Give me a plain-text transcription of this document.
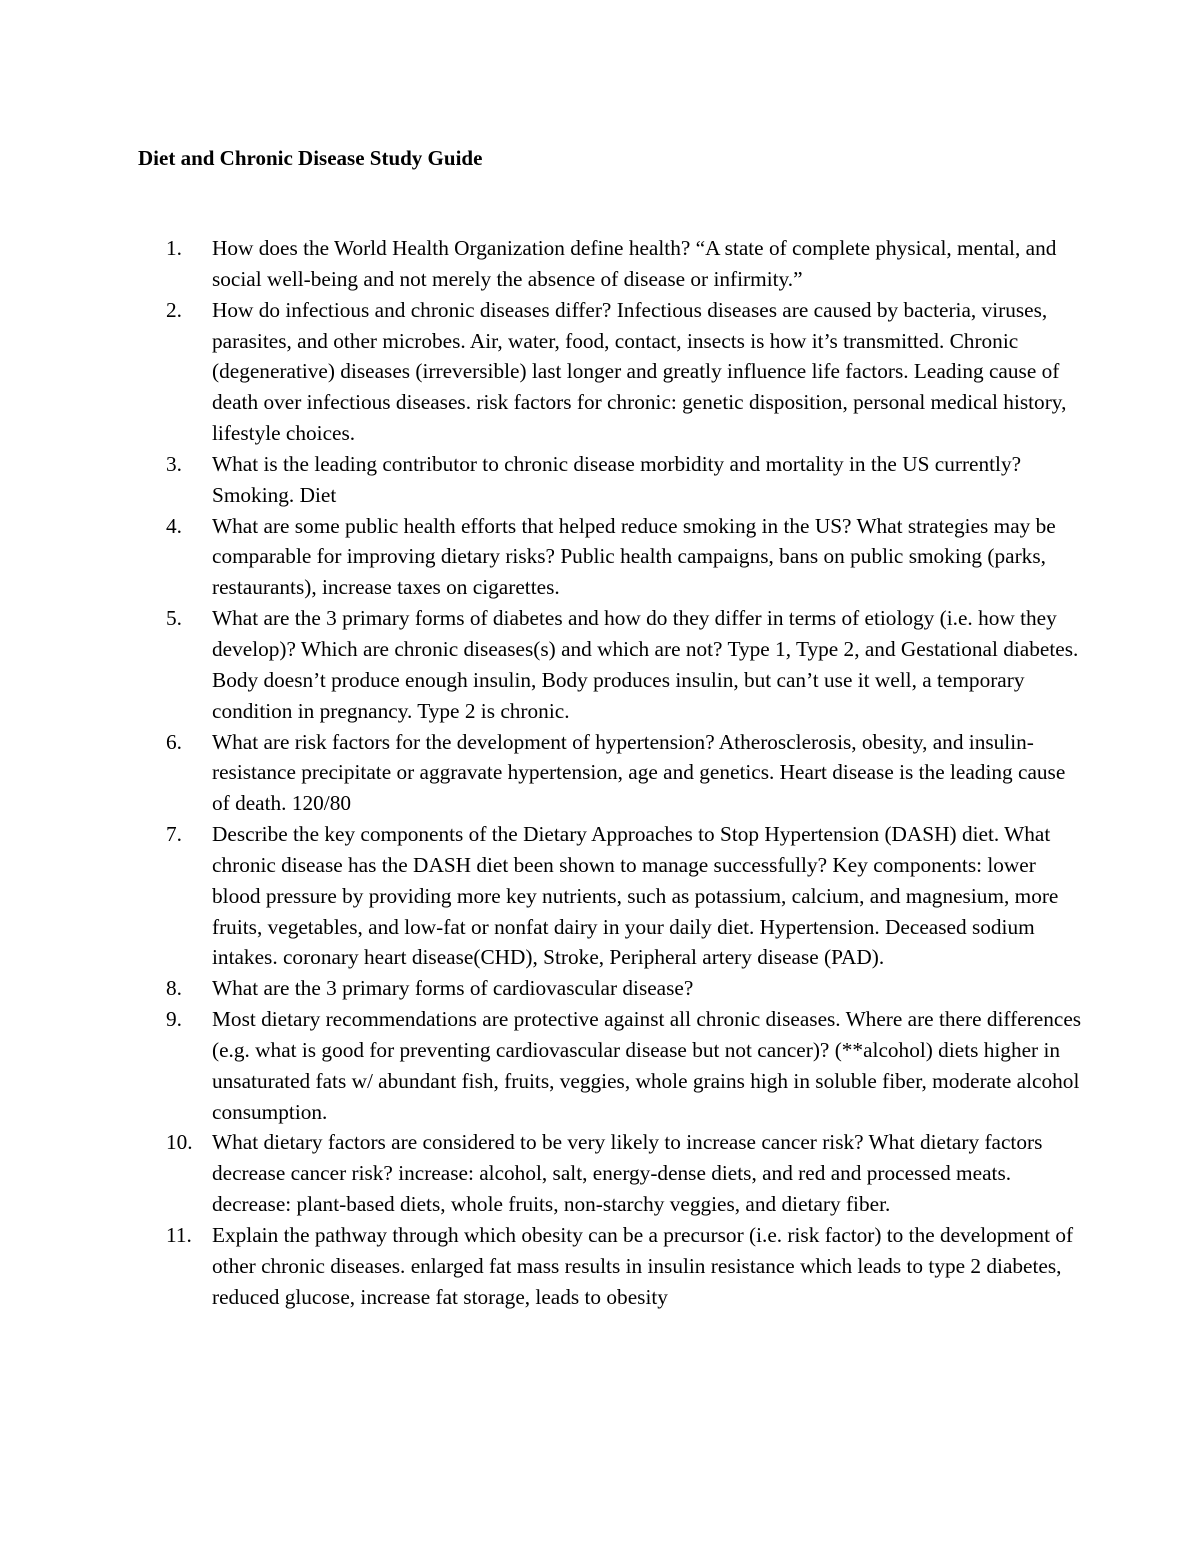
Diet and Chronic Disease Study Guide
1.	How does the World Health Organization define health? “A state of complete physical, mental, and social well-being and not merely the absence of disease or infirmity.”
2.	How do infectious and chronic diseases differ? Infectious diseases are caused by bacteria, viruses, parasites, and other microbes. Air, water, food, contact, insects is how it’s transmitted. Chronic (degenerative) diseases (irreversible) last longer and greatly influence life factors. Leading cause of death over infectious diseases. risk factors for chronic: genetic disposition, personal medical history, lifestyle choices.
3.	What is the leading contributor to chronic disease morbidity and mortality in the US currently? Smoking. Diet
4.	What are some public health efforts that helped reduce smoking in the US? What strategies may be comparable for improving dietary risks? Public health campaigns, bans on public smoking (parks, restaurants), increase taxes on cigarettes.
5.	What are the 3 primary forms of diabetes and how do they differ in terms of etiology (i.e. how they develop)? Which are chronic diseases(s) and which are not? Type 1, Type 2, and Gestational diabetes. Body doesn’t produce enough insulin, Body produces insulin, but can’t use it well, a temporary condition in pregnancy. Type 2 is chronic.
6.	What are risk factors for the development of hypertension? Atherosclerosis, obesity, and insulin-resistance precipitate or aggravate hypertension, age and genetics. Heart disease is the leading cause of death. 120/80
7.	Describe the key components of the Dietary Approaches to Stop Hypertension (DASH) diet. What chronic disease has the DASH diet been shown to manage successfully? Key components: lower blood pressure by providing more key nutrients, such as potassium, calcium, and magnesium, more fruits, vegetables, and low-fat or nonfat dairy in your daily diet. Hypertension. Deceased sodium intakes. coronary heart disease(CHD), Stroke, Peripheral artery disease (PAD).
8.	What are the 3 primary forms of cardiovascular disease?
9.	Most dietary recommendations are protective against all chronic diseases. Where are there differences (e.g. what is good for preventing cardiovascular disease but not cancer)? (**alcohol) diets higher in unsaturated fats w/ abundant fish, fruits, veggies, whole grains high in soluble fiber, moderate alcohol consumption.
10. What dietary factors are considered to be very likely to increase cancer risk? What dietary factors decrease cancer risk? increase: alcohol, salt, energy-dense diets, and red and processed meats. decrease: plant-based diets, whole fruits, non-starchy veggies, and dietary fiber.
11. Explain the pathway through which obesity can be a precursor (i.e. risk factor) to the development of other chronic diseases. enlarged fat mass results in insulin resistance which leads to type 2 diabetes, reduced glucose, increase fat storage, leads to obesity
